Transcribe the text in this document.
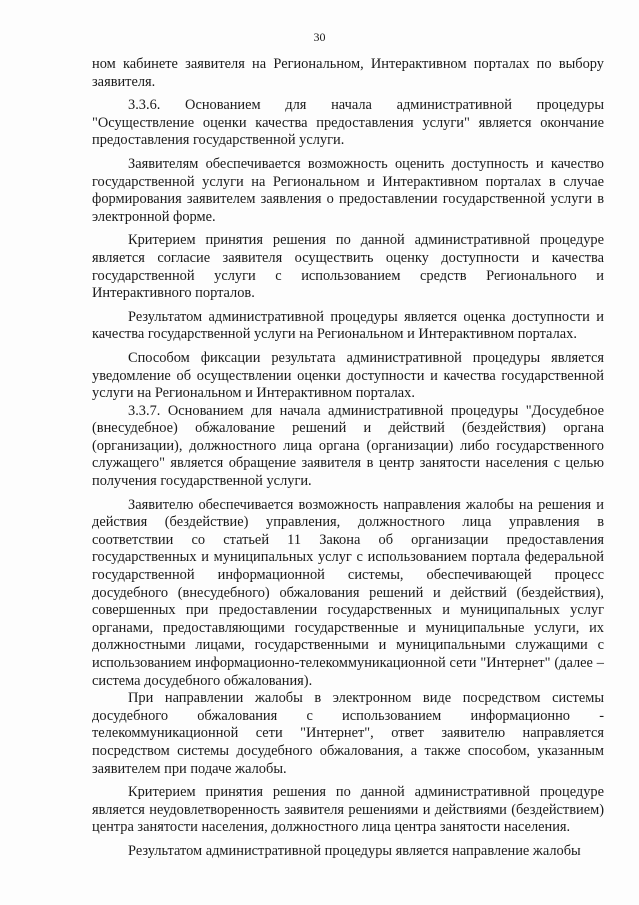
30

ном кабинете заявителя на Региональном, Интерактивном порталах по выбору заявителя.

3.3.6. Основанием для начала административной процедуры "Осуществление оценки качества предоставления услуги" является окончание предоставления государственной услуги.

Заявителям обеспечивается возможность оценить доступность и качество государственной услуги на Региональном и Интерактивном порталах в случае формирования заявителем заявления о предоставлении государственной услуги в электронной форме.

Критерием принятия решения по данной административной процедуре является согласие заявителя осуществить оценку доступности и качества государственной услуги с использованием средств Регионального и Интерактивного порталов.

Результатом административной процедуры является оценка доступности и качества государственной услуги на Региональном и Интерактивном порталах.

Способом фиксации результата административной процедуры является уведомление об осуществлении оценки доступности и качества государственной услуги на Региональном и Интерактивном порталах.

3.3.7. Основанием для начала административной процедуры "Досудебное (внесудебное) обжалование решений и действий (бездействия) органа (организации), должностного лица органа (организации) либо государственного служащего" является обращение заявителя в центр занятости населения с целью получения государственной услуги.

Заявителю обеспечивается возможность направления жалобы на решения и действия (бездействие) управления, должностного лица управления в соответствии со статьей 11 Закона об организации предоставления государственных и муниципальных услуг с использованием портала федеральной государственной информационной системы, обеспечивающей процесс досудебного (внесудебного) обжалования решений и действий (бездействия), совершенных при предоставлении государственных и муниципальных услуг органами, предоставляющими государственные и муниципальные услуги, их должностными лицами, государственными и муниципальными служащими с использованием информационно-телекоммуникационной сети "Интернет" (далее – система досудебного обжалования).

При направлении жалобы в электронном виде посредством системы досудебного обжалования с использованием информационно - телекоммуникационной сети "Интернет", ответ заявителю направляется посредством системы досудебного обжалования, а также способом, указанным заявителем при подаче жалобы.

Критерием принятия решения по данной административной процедуре является неудовлетворенность заявителя решениями и действиями (бездействием) центра занятости населения, должностного лица центра занятости населения.

Результатом административной процедуры является направление жалобы
